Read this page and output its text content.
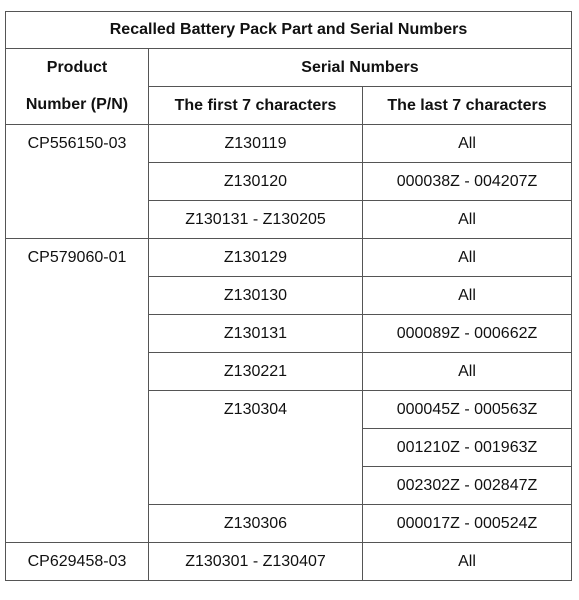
Recalled Battery Pack Part and Serial Numbers		
Product	Serial Numbers	
Number (P/N)	The first 7 characters	The last 7 characters
CP556150-03	Z130119	All
	Z130120	000038Z - 004207Z
	Z130131 - Z130205	All
CP579060-01	Z130129	All
	Z130130	All
	Z130131	000089Z - 000662Z
	Z130221	All
	Z130304	000045Z - 000563Z
		001210Z - 001963Z
		002302Z - 002847Z
	Z130306	000017Z - 000524Z
CP629458-03	Z130301 - Z130407	All
